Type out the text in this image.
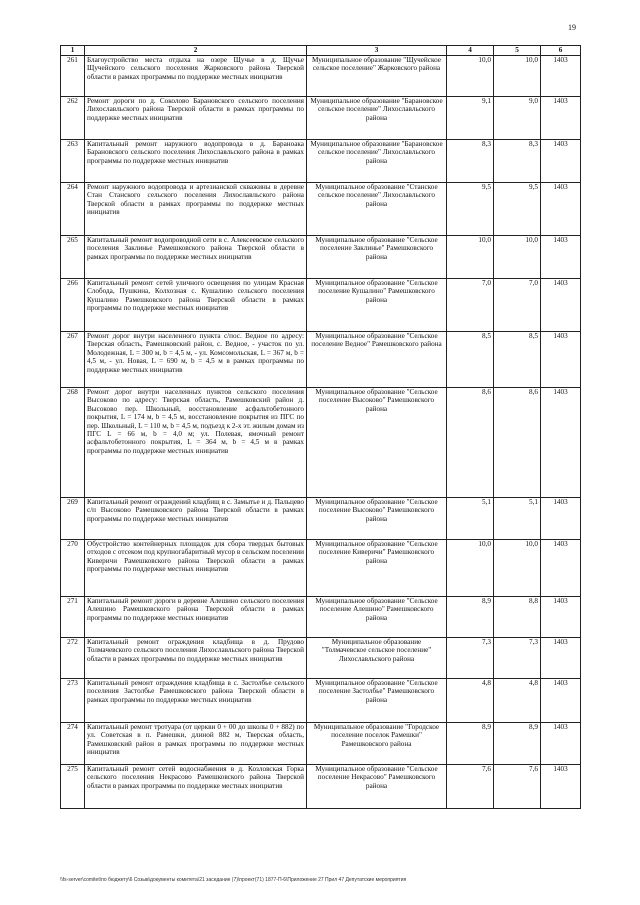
19
1	2	3	4	5	6
261	Благоустройство места отдыха на озере Щучье в д. Щучье Щучейского сельского поселения Жарковского района Тверской области в рамках программы по поддержке местных инициатив	Муниципальное образование "Щучейское сельское поселение" Жарковского района	10,0	10,0	1403
262	Ремонт дороги по д. Соколово Барановского сельского поселения Лихославльского района Тверской области в рамках программы по поддержке местных инициатив	Муниципальное образование "Барановское сельское поселение" Лихославльского района	9,1	9,0	1403
263	Капитальный ремонт наружного водопровода в д. Бараноака Барановского сельского поселения Лихославльского района в рамках программы по поддержке местных инициатив	Муниципальное образование "Барановское сельское поселение" Лихославльского района	8,3	8,3	1403
264	Ремонт наружного водопровода и артезианской скважины в деревне Стан Станского сельского поселения Лихославльского района Тверской области в рамках программы по поддержке местных инициатив	Муниципальное образование "Станское сельское поселение" Лихославльского района	9,5	9,5	1403
265	Капитальный ремонт водопроводной сети в с. Алексеевское сельского поселения Заклинье Рамешковского района Тверской области в рамках программы по поддержке местных инициатив	Муниципальное образование "Сельское поселение Заклинье" Рамешковского района	10,0	10,0	1403
266	Капитальный ремонт сетей уличного освещения по улицам Красная Слобода, Пушкина, Колхозная с. Кушалино сельского поселения Кушалино Рамешковского района Тверской области в рамках программы по поддержке местных инициатив	Муниципальное образование "Сельское поселение Кушалино" Рамешковского района	7,0	7,0	1403
267	Ремонт дорог внутри населенного пункта с/пос. Ведное по адресу: Тверская область, Рамешковский район, с. Ведное, - участок по ул. Молодежная, L = 300 м, b = 4,5 м, - ул. Комсомольская, L = 367 м, b = 4,5 м, - ул. Новая, L = 690 м, b = 4,5 м в рамках программы по поддержке местных инициатив	Муниципальное образование "Сельское поселение Ведное" Рамешковского района	8,5	8,5	1403
268	Ремонт дорог внутри населенных пунктов сельского поселения Высоково по адресу: Тверская область, Рамешковский район д. Высоково пер. Школьный, восстановление асфальтобетонного покрытия, L = 174 м, b = 4,5 м, восстановление покрытия из ПГС по пер. Школьный, L = 110 м, b = 4,5 м, подъезд к 2-х эт. жилым домам из ПГС L = 66 м, b = 4,0 м; ул. Полевая, ямочный ремонт асфальтобетонного покрытия, L = 364 м, b = 4,5 м в рамках программы по поддержке местных инициатив	Муниципальное образование "Сельское поселение Высоково" Рамешковского района	8,6	8,6	1403
269	Капитальный ремонт ограждений кладбищ в с. Замытье и д. Пальцево с/п Высоково Рамешковского района Тверской области в рамках программы по поддержке местных инициатив	Муниципальное образование "Сельское поселение Высоково" Рамешковского района	5,1	5,1	1403
270	Обустройство контейнерных площадок для сбора твердых бытовых отходов с отсеком под крупногабаритный мусор в сельском поселении Киверичи Рамешковского района Тверской области в рамках программы по поддержке местных инициатив	Муниципальное образование "Сельское поселение Киверичи" Рамешковского района	10,0	10,0	1403
271	Капитальный ремонт дороги в деревне Алешино сельского поселения Алешино Рамешковского района Тверской области в рамках программы по поддержке местных инициатив	Муниципальное образование "Сельское поселение Алешино" Рамешковского района	8,9	8,8	1403
272	Капитальный ремонт ограждения кладбища в д. Прудово Толмачевского сельского поселения Лихославльского района Тверской области в рамках программы по поддержке местных инициатив	Муниципальное образование "Толмачевское сельское поселение" Лихославльского района	7,3	7,3	1403
273	Капитальный ремонт ограждения кладбища в с. Застолбье сельского поселения Застолбье Рамешковского района Тверской области в рамках программы по поддержке местных инициатив	Муниципальное образование "Сельское поселение Застолбье" Рамешковского района	4,8	4,8	1403
274	Капитальный ремонт тротуара (от церкви 0 + 00 до школы 0 + 882) по ул. Советская в п. Рамешки, длиной 882 м, Тверская область, Рамешковский район в рамках программы по поддержке местных инициатив	Муниципальное образование "Городское поселение поселок Рамешки" Рамешковского района	8,9	8,9	1403
275	Капитальный ремонт сетей водоснабжения в д. Козловская Горка сельского поселения Некрасово Рамешковского района Тверской области в рамках программы по поддержке местных инициатив	Муниципальное образование "Сельское поселение Некрасово" Рамешковского района	7,6	7,6	1403
\\fs-server\comitet\по бюджету\6 Созыв\документы комитета\21 заседание (7)\проект(71) 1877-П-6\Приложение 27 Прил 47 Депутатские мероприятия
